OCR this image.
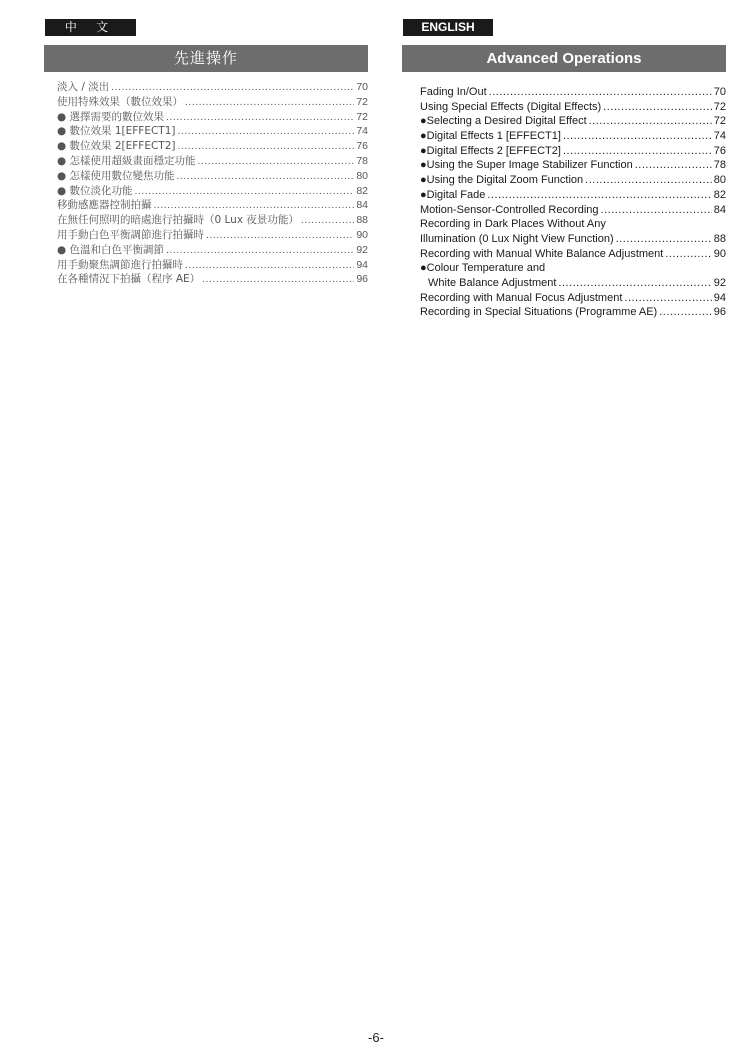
中 文	ENGLISH
先進操作	Advanced Operations
淡入 / 淡出 .....	70
使用特殊效果（數位效果） .....	72
● 選擇需要的數位效果 .....	72
● 數位效果 1[EFFECT1] .....	74
● 數位效果 2[EFFECT2] .....	76
● 怎樣使用超級畫面穩定功能 .....	78
● 怎樣使用數位變焦功能 .....	80
● 數位淡化功能 .....	82
移動感應器控制拍攝 .....	84
在無任何照明的暗處進行拍攝時（0 Lux 夜景功能） .....	88
用手動白色平衡調節進行拍攝時 .....	90
● 色溫和白色平衡調節 .....	92
用手動聚焦調節進行拍攝時 .....	94
在各種情況下拍攝（程序 AE） .....	96
Fading In/Out .....	70
Using Special Effects (Digital Effects) .....	72
●Selecting a Desired Digital Effect .....	72
●Digital Effects 1 [EFFECT1] .....	74
●Digital Effects 2 [EFFECT2] .....	76
●Using the Super Image Stabilizer Function .....	78
●Using the Digital Zoom Function .....	80
●Digital Fade .....	82
Motion-Sensor-Controlled Recording .....	84
Recording in Dark Places Without Any
Illumination (0 Lux Night View Function) .....	88
Recording with Manual White Balance Adjustment .....	90
●Colour Temperature and
White Balance Adjustment .....	92
Recording with Manual Focus Adjustment .....	94
Recording in Special Situations (Programme AE) .....	96
-6-
